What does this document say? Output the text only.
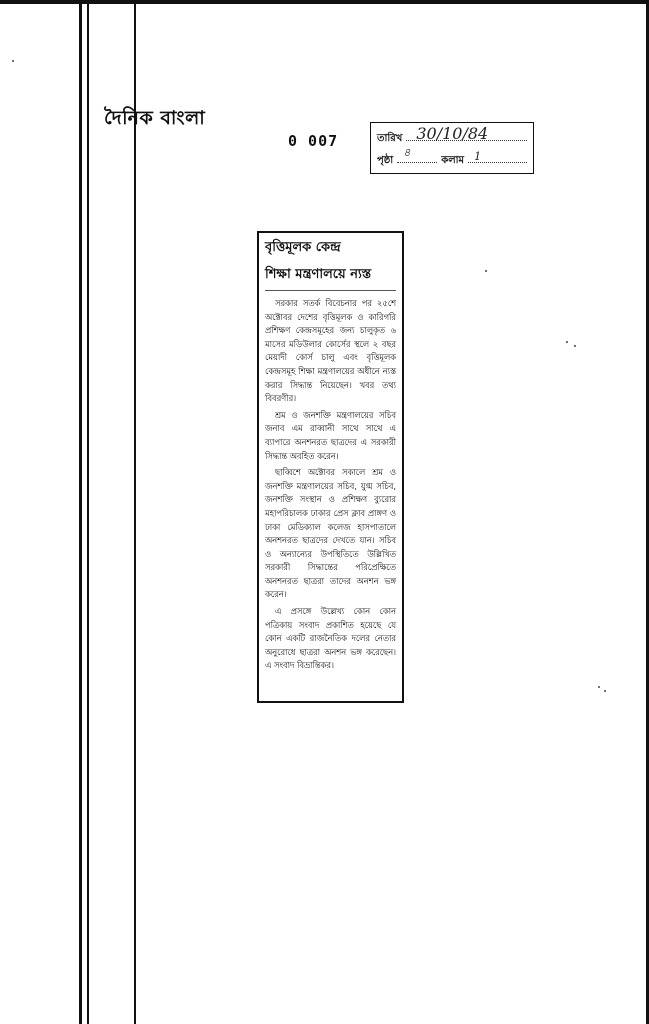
দৈনিক বাংলা
0 007	তারিখ 30/10/84
পৃষ্ঠা
৪
কলাম 1
বৃত্তিমূলক কেন্দ্র
শিক্ষা মন্ত্রণালয়ে ন্যস্ত

সরকার সতর্ক বিবেচনার পর ২৫শে অক্টোবর দেশের বৃত্তিমূলক ও কারিগরি প্রশিক্ষণ কেন্দ্রসমূহের জন্য চালুকৃত ৬ মাসের মডিউলার কোর্সের স্থলে ২ বছর মেয়াদী কোর্স চালু এবং বৃত্তিমূলক কেন্দ্রসমূহ শিক্ষা মন্ত্রণালয়ের অধীনে ন্যস্ত করার সিদ্ধান্ত নিয়েছেন। খবর তথ্য বিবরণীর।

শ্রম ও জনশক্তি মন্ত্রণালয়ের সচিব জনাব এম রাব্বানী সাথে সাথে এ ব্যাপারে অনশনরত ছাত্রদের এ সরকারী সিদ্ধান্ত অবহিত করেন।

ছাব্বিশে অক্টোবর সকালে শ্রম ও জনশক্তি মন্ত্রণালয়ের সচিব, যুগ্ম সচিব, জনশক্তি সংস্থান ও প্রশিক্ষণ ব্যুরোর মহাপরিচালক ঢাকার প্রেস ক্লাব প্রাঙ্গণ ও ঢাকা মেডিক্যাল কলেজ হাসপাতালে অনশনরত ছাত্রদের দেখতে যান। সচিব ও অন্যান্যের উপস্থিতিতে উল্লিখিত সরকারী সিদ্ধান্তের পরিপ্রেক্ষিতে অনশনরত ছাত্ররা তাদের অনশন ভঙ্গ করেন।

এ প্রসঙ্গে উল্লেখ্য কোন কোন পত্রিকায় সংবাদ প্রকাশিত হয়েছে যে কোন একটি রাজনৈতিক দলের নেতার অনুরোধে ছাত্ররা অনশন ভঙ্গ করেছেন। এ সংবাদ বিভ্রান্তিকর।
